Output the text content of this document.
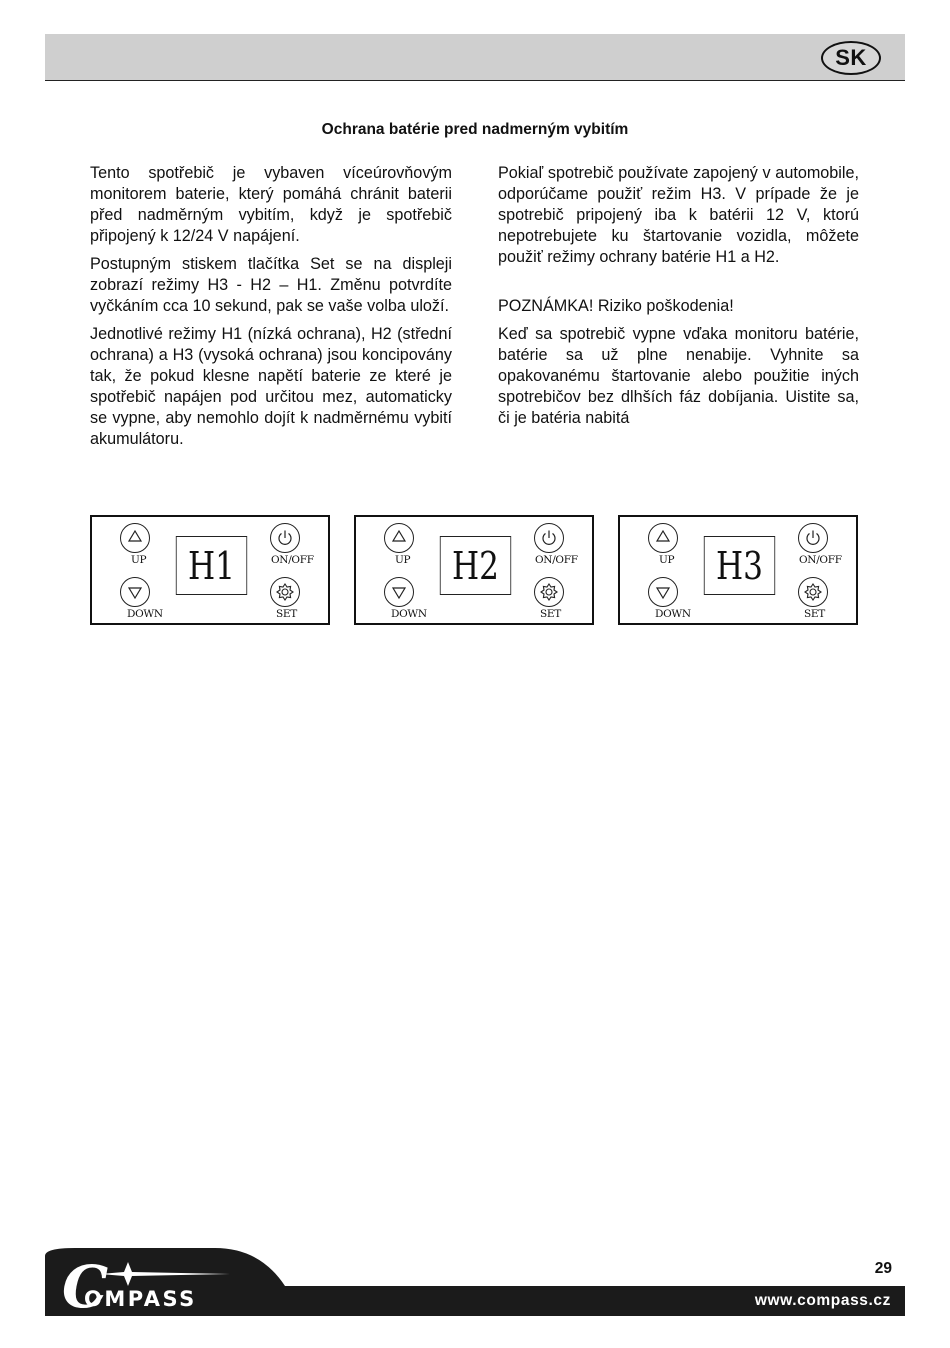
SK
Ochrana batérie pred nadmerným vybitím

Tento spotřebič je vybaven víceúrovňovým monitorem baterie, který pomáhá chránit baterii před nadměrným vybitím, když je spotřebič připojený k 12/24 V napájení.

Postupným stiskem tlačítka Set se na displeji zobrazí režimy H3 - H2 – H1. Změnu potvrdíte vyčkáním cca 10 sekund, pak se vaše volba uloží.

Jednotlivé režimy H1 (nízká ochrana), H2 (střední ochrana) a H3 (vysoká ochrana) jsou koncipovány tak, že pokud klesne napětí baterie ze které je spotřebič napájen pod určitou mez, automaticky se vypne, aby nemohlo dojít k nadměrnému vybití akumulátoru.

Pokiaľ spotrebič používate zapojený v automobile, odporúčame použiť režim H3. V prípade že je spotrebič pripojený iba k batérii 12 V, ktorú nepotrebujete ku štartovanie vozidla, môžete použiť režimy ochrany batérie H1 a H2.

POZNÁMKA! Riziko poškodenia!

Keď sa spotrebič vypne vďaka monitoru batérie, batérie sa už plne nenabije. Vyhnite sa opakovanému štartovanie alebo použitie iných spotrebičov bez dlhších fáz dobíjania. Uistite sa, či je batéria nabitá

UP
DOWN
H1	ON/OFF
SET
UP
DOWN
H2	ON/OFF
SET
UP
DOWN
H3	ON/OFF
SET
www.compass.cz
C
OMPASS
29
